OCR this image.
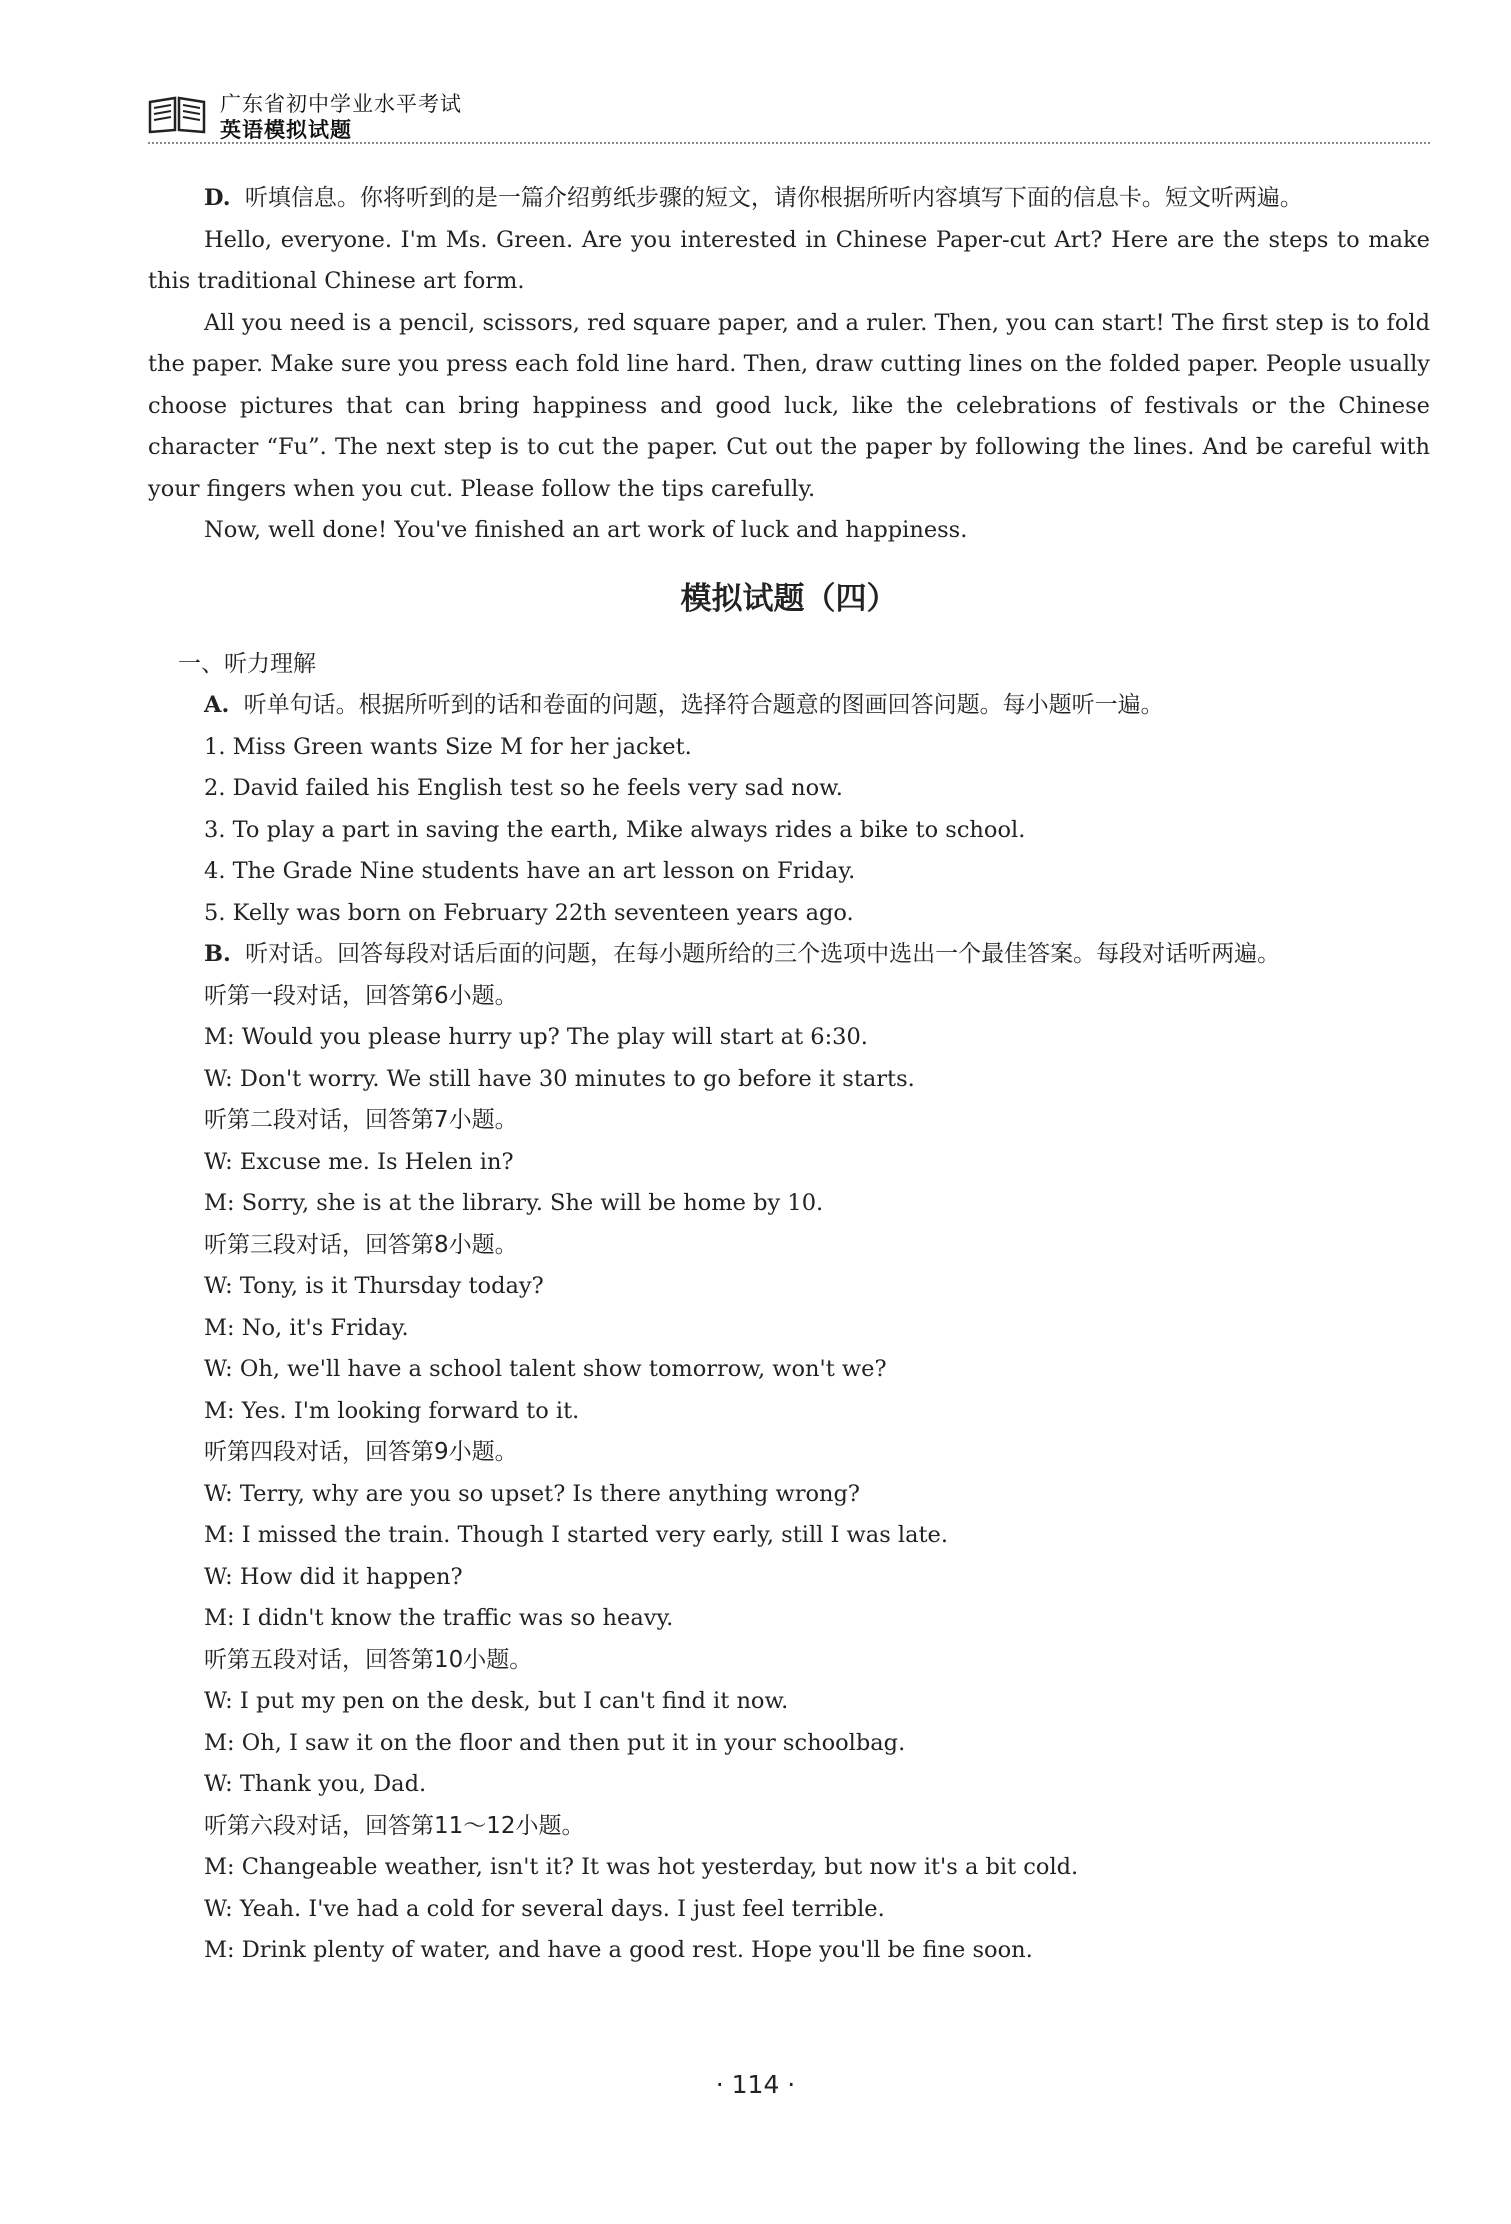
广东省初中学业水平考试
英语模拟试题

D. 听填信息。你将听到的是一篇介绍剪纸步骤的短文，请你根据所听内容填写下面的信息卡。短文听两遍。

Hello, everyone. I'm Ms. Green. Are you interested in Chinese Paper-cut Art? Here are the steps to make this traditional Chinese art form.

All you need is a pencil, scissors, red square paper, and a ruler. Then, you can start! The first step is to fold the paper. Make sure you press each fold line hard. Then, draw cutting lines on the folded paper. People usually choose pictures that can bring happiness and good luck, like the celebrations of festivals or the Chinese character “Fu”. The next step is to cut the paper. Cut out the paper by following the lines. And be careful with your fingers when you cut. Please follow the tips carefully.

Now, well done! You've finished an art work of luck and happiness.

模拟试题（四）

一、听力理解

A. 听单句话。根据所听到的话和卷面的问题，选择符合题意的图画回答问题。每小题听一遍。

1. Miss Green wants Size M for her jacket.

2. David failed his English test so he feels very sad now.

3. To play a part in saving the earth, Mike always rides a bike to school.

4. The Grade Nine students have an art lesson on Friday.

5. Kelly was born on February 22th seventeen years ago.

B. 听对话。回答每段对话后面的问题，在每小题所给的三个选项中选出一个最佳答案。每段对话听两遍。

听第一段对话，回答第6小题。

M: Would you please hurry up? The play will start at 6:30.

W: Don't worry. We still have 30 minutes to go before it starts.

听第二段对话，回答第7小题。

W: Excuse me. Is Helen in?

M: Sorry, she is at the library. She will be home by 10.

听第三段对话，回答第8小题。

W: Tony, is it Thursday today?

M: No, it's Friday.

W: Oh, we'll have a school talent show tomorrow, won't we?

M: Yes. I'm looking forward to it.

听第四段对话，回答第9小题。

W: Terry, why are you so upset? Is there anything wrong?

M: I missed the train. Though I started very early, still I was late.

W: How did it happen?

M: I didn't know the traffic was so heavy.

听第五段对话，回答第10小题。

W: I put my pen on the desk, but I can't find it now.

M: Oh, I saw it on the floor and then put it in your schoolbag.

W: Thank you, Dad.

听第六段对话，回答第11～12小题。

M: Changeable weather, isn't it? It was hot yesterday, but now it's a bit cold.

W: Yeah. I've had a cold for several days. I just feel terrible.

M: Drink plenty of water, and have a good rest. Hope you'll be fine soon.

· 114 ·
